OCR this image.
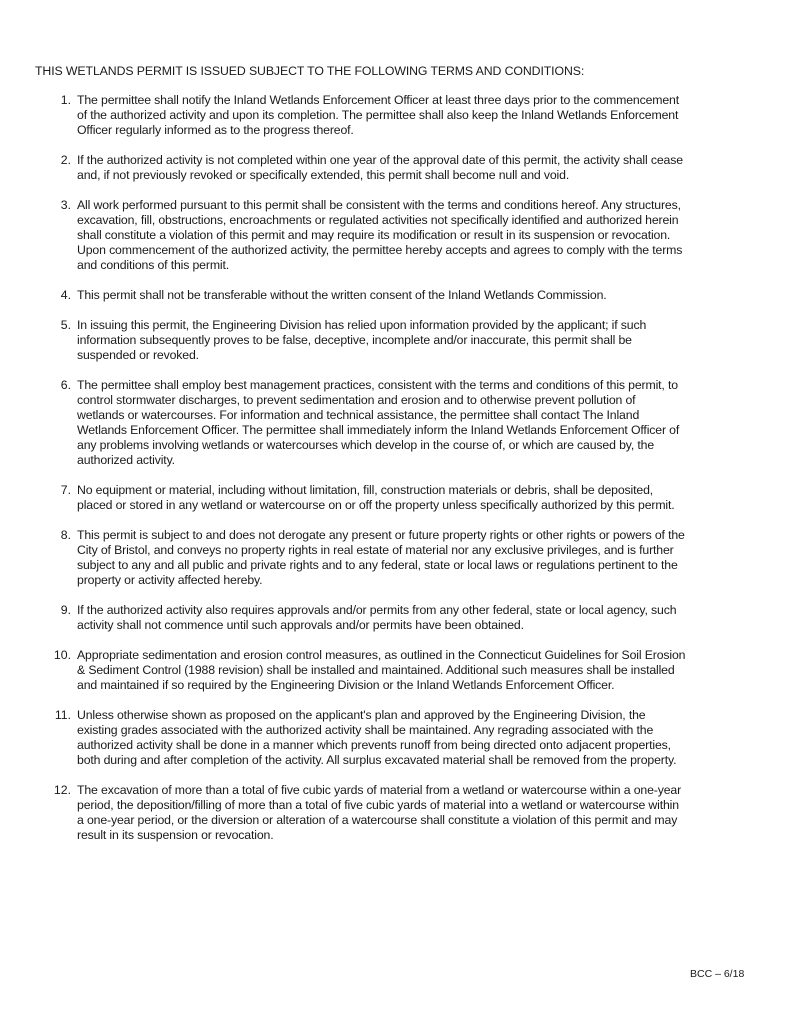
THIS WETLANDS PERMIT IS ISSUED SUBJECT TO THE FOLLOWING TERMS AND CONDITIONS:
1. The permittee shall notify the Inland Wetlands Enforcement Officer at least three days prior to the commencement
of the authorized activity and upon its completion. The permittee shall also keep the Inland Wetlands Enforcement
Officer regularly informed as to the progress thereof.
2. If the authorized activity is not completed within one year of the approval date of this permit, the activity shall cease
and, if not previously revoked or specifically extended, this permit shall become null and void.
3. All work performed pursuant to this permit shall be consistent with the terms and conditions hereof. Any structures,
excavation, fill, obstructions, encroachments or regulated activities not specifically identified and authorized herein
shall constitute a violation of this permit and may require its modification or result in its suspension or revocation.
Upon commencement of the authorized activity, the permittee hereby accepts and agrees to comply with the terms
and conditions of this permit.
4. This permit shall not be transferable without the written consent of the Inland Wetlands Commission.
5. In issuing this permit, the Engineering Division has relied upon information provided by the applicant; if such
information subsequently proves to be false, deceptive, incomplete and/or inaccurate, this permit shall be
suspended or revoked.
6. The permittee shall employ best management practices, consistent with the terms and conditions of this permit, to
control stormwater discharges, to prevent sedimentation and erosion and to otherwise prevent pollution of
wetlands or watercourses. For information and technical assistance, the permittee shall contact The Inland
Wetlands Enforcement Officer. The permittee shall immediately inform the Inland Wetlands Enforcement Officer of
any problems involving wetlands or watercourses which develop in the course of, or which are caused by, the
authorized activity.
7. No equipment or material, including without limitation, fill, construction materials or debris, shall be deposited,
placed or stored in any wetland or watercourse on or off the property unless specifically authorized by this permit.
8. This permit is subject to and does not derogate any present or future property rights or other rights or powers of the
City of Bristol, and conveys no property rights in real estate of material nor any exclusive privileges, and is further
subject to any and all public and private rights and to any federal, state or local laws or regulations pertinent to the
property or activity affected hereby.
9. If the authorized activity also requires approvals and/or permits from any other federal, state or local agency, such
activity shall not commence until such approvals and/or permits have been obtained.
10. Appropriate sedimentation and erosion control measures, as outlined in the Connecticut Guidelines for Soil Erosion
& Sediment Control (1988 revision) shall be installed and maintained. Additional such measures shall be installed
and maintained if so required by the Engineering Division or the Inland Wetlands Enforcement Officer.
11. Unless otherwise shown as proposed on the applicant's plan and approved by the Engineering Division, the
existing grades associated with the authorized activity shall be maintained. Any regrading associated with the
authorized activity shall be done in a manner which prevents runoff from being directed onto adjacent properties,
both during and after completion of the activity. All surplus excavated material shall be removed from the property.
12. The excavation of more than a total of five cubic yards of material from a wetland or watercourse within a one-year
period, the deposition/filling of more than a total of five cubic yards of material into a wetland or watercourse within
a one-year period, or the diversion or alteration of a watercourse shall constitute a violation of this permit and may
result in its suspension or revocation.
BCC – 6/18
